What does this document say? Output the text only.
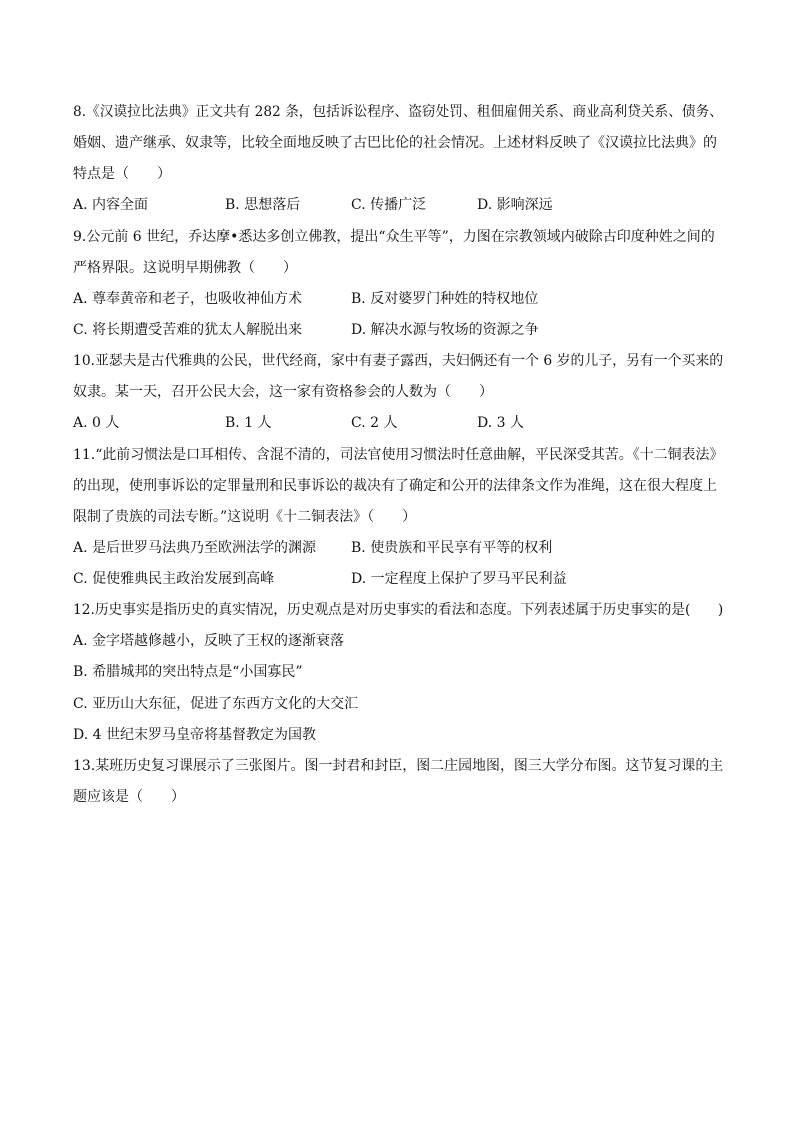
8.《汉谟拉比法典》正文共有 282 条，包括诉讼程序、盗窃处罚、租佃雇佣关系、商业高利贷关系、债务、
婚姻、遗产继承、奴隶等，比较全面地反映了古巴比伦的社会情况。上述材料反映了《汉谟拉比法典》的
特点是（　　）
A. 内容全面	B. 思想落后	C. 传播广泛	D. 影响深远
9.公元前 6 世纪，乔达摩•悉达多创立佛教，提出“众生平等”，力图在宗教领域内破除古印度种姓之间的
严格界限。这说明早期佛教（　　）
A. 尊奉黄帝和老子，也吸收神仙方术	B. 反对婆罗门种姓的特权地位
C. 将长期遭受苦难的犹太人解脱出来	D. 解决水源与牧场的资源之争
10.亚瑟夫是古代雅典的公民，世代经商，家中有妻子露西，夫妇俩还有一个 6 岁的儿子，另有一个买来的
奴隶。某一天，召开公民大会，这一家有资格参会的人数为（　　）
A. 0 人	B. 1 人	C. 2 人	D. 3 人
11.“此前习惯法是口耳相传、含混不清的，司法官使用习惯法时任意曲解，平民深受其苦。《十二铜表法》
的出现，使刑事诉讼的定罪量刑和民事诉讼的裁决有了确定和公开的法律条文作为准绳，这在很大程度上
限制了贵族的司法专断。”这说明《十二铜表法》（　　）
A. 是后世罗马法典乃至欧洲法学的渊源 B. 使贵族和平民享有平等的权利
C. 促使雅典民主政治发展到高峰	D. 一定程度上保护了罗马平民利益
12.历史事实是指历史的真实情况，历史观点是对历史事实的看法和态度。下列表述属于历史事实的是(　　)
A. 金字塔越修越小，反映了王权的逐渐衰落
B. 希腊城邦的突出特点是“小国寡民”
C. 亚历山大东征，促进了东西方文化的大交汇
D. 4 世纪末罗马皇帝将基督教定为国教
13.某班历史复习课展示了三张图片。图一封君和封臣，图二庄园地图，图三大学分布图。这节复习课的主
题应该是（　　）
